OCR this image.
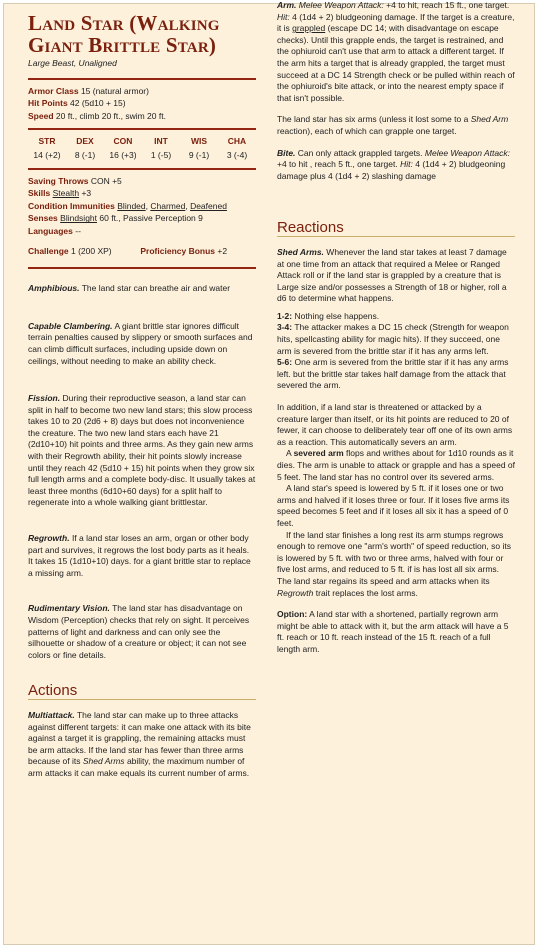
Land Star (Walking Giant Brittle Star)
Large Beast, Unaligned
Armor Class 15 (natural armor)
Hit Points 42 (5d10 + 15)
Speed 20 ft., climb 20 ft., swim 20 ft.
STR
14 (+2)
DEX
8 (-1)
CON
16 (+3)
INT
1 (-5)
WIS
9 (-1)
CHA
3 (-4)
Saving Throws CON +5
Skills Stealth +3
Condition Immunities Blinded, Charmed, Deafened
Senses Blindsight 60 ft., Passive Perception 9
Languages --
Challenge 1 (200 XP)	Proficiency Bonus +2

Amphibious. The land star can breathe air and water

Capable Clambering. A giant brittle star ignores difficult terrain penalties caused by slippery or smooth surfaces and can climb difficult surfaces, including upside down on ceilings, without needing to make an ability check.

Fission. During their reproductive season, a land star can split in half to become two new land stars; this slow process takes 10 to 20 (2d6 + 8) days but does not inconvenience the creature. The two new land stars each have 21 (2d10+10) hit points and three arms. As they gain new arms with their Regrowth ability, their hit points slowly increase until they reach 42 (5d10 + 15) hit points when they grow six full length arms and a complete body-disc. It usually takes at least three months (6d10+60 days) for a split half to regenerate into a whole walking giant brittlestar.

Regrowth. If a land star loses an arm, organ or other body part and survives, it regrows the lost body parts as it heals. It takes 15 (1d10+10) days. for a giant brittle star to replace a missing arm.

Rudimentary Vision. The land star has disadvantage on Wisdom (Perception) checks that rely on sight. It perceives patterns of light and darkness and can only see the silhouette or shadow of a creature or object; it can not see colors or fine details.

Actions

Multiattack. The land star can make up to three attacks against different targets: it can make one attack with its bite against a target it is grappling, the remaining attacks must be arm attacks. If the land star has fewer than three arms because of its Shed Arms ability, the maximum number of arm attacks it can make equals its current number of arms.

Arm. Melee Weapon Attack: +4 to hit, reach 15 ft., one target. Hit: 4 (1d4 + 2) bludgeoning damage. If the target is a creature, it is grappled (escape DC 14; with disadvantage on escape checks). Until this grapple ends, the target is restrained, and the ophiuroid can't use that arm to attack a different target. If the arm hits a target that is already grappled, the target must succeed at a DC 14 Strength check or be pulled within reach of the ophiuroid's bite attack, or into the nearest empty space if that isn't possible.

The land star has six arms (unless it lost some to a Shed Arm reaction), each of which can grapple one target.

Bite. Can only attack grappled targets. Melee Weapon Attack: +4 to hit , reach 5 ft., one target. Hit: 4 (1d4 + 2) bludgeoning damage plus 4 (1d4 + 2) slashing damage

Reactions

Shed Arms. Whenever the land star takes at least 7 damage at one time from an attack that required a Melee or Ranged Attack roll or if the land star is grappled by a creature that is Large size and/or possesses a Strength of 18 or higher, roll a d6 to determine what happens.

1-2: Nothing else happens.

3-4: The attacker makes a DC 15 check (Strength for weapon hits, spellcasting ability for magic hits). If they succeed, one arm is severed from the brittle star if it has any arms left.

5-6: One arm is severed from the brittle star if it has any arms left. but the brittle star takes half damage from the attack that severed the arm.

In addition, if a land star is threatened or attacked by a creature larger than itself, or its hit points are reduced to 20 of fewer, it can choose to deliberately tear off one of its own arms as a reaction. This automatically severs an arm.

A severed arm flops and writhes about for 1d10 rounds as it dies. The arm is unable to attack or grapple and has a speed of 5 feet. The land star has no control over its severed arms.

A land star's speed is lowered by 5 ft. if it loses one or two arms and halved if it loses three or four. If it loses five arms its speed becomes 5 feet and if it loses all six it has a speed of 0 feet.

If the land star finishes a long rest its arm stumps regrows enough to remove one "arm's worth" of speed reduction, so its is lowered by 5 ft. with two or three arms, halved with four or five lost arms, and reduced to 5 ft. if is has lost all six arms. The land star regains its speed and arm attacks when its Regrowth trait replaces the lost arms.

Option: A land star with a shortened, partially regrown arm might be able to attack with it, but the arm attack will have a 5 ft. reach or 10 ft. reach instead of the 15 ft. reach of a full length arm.
